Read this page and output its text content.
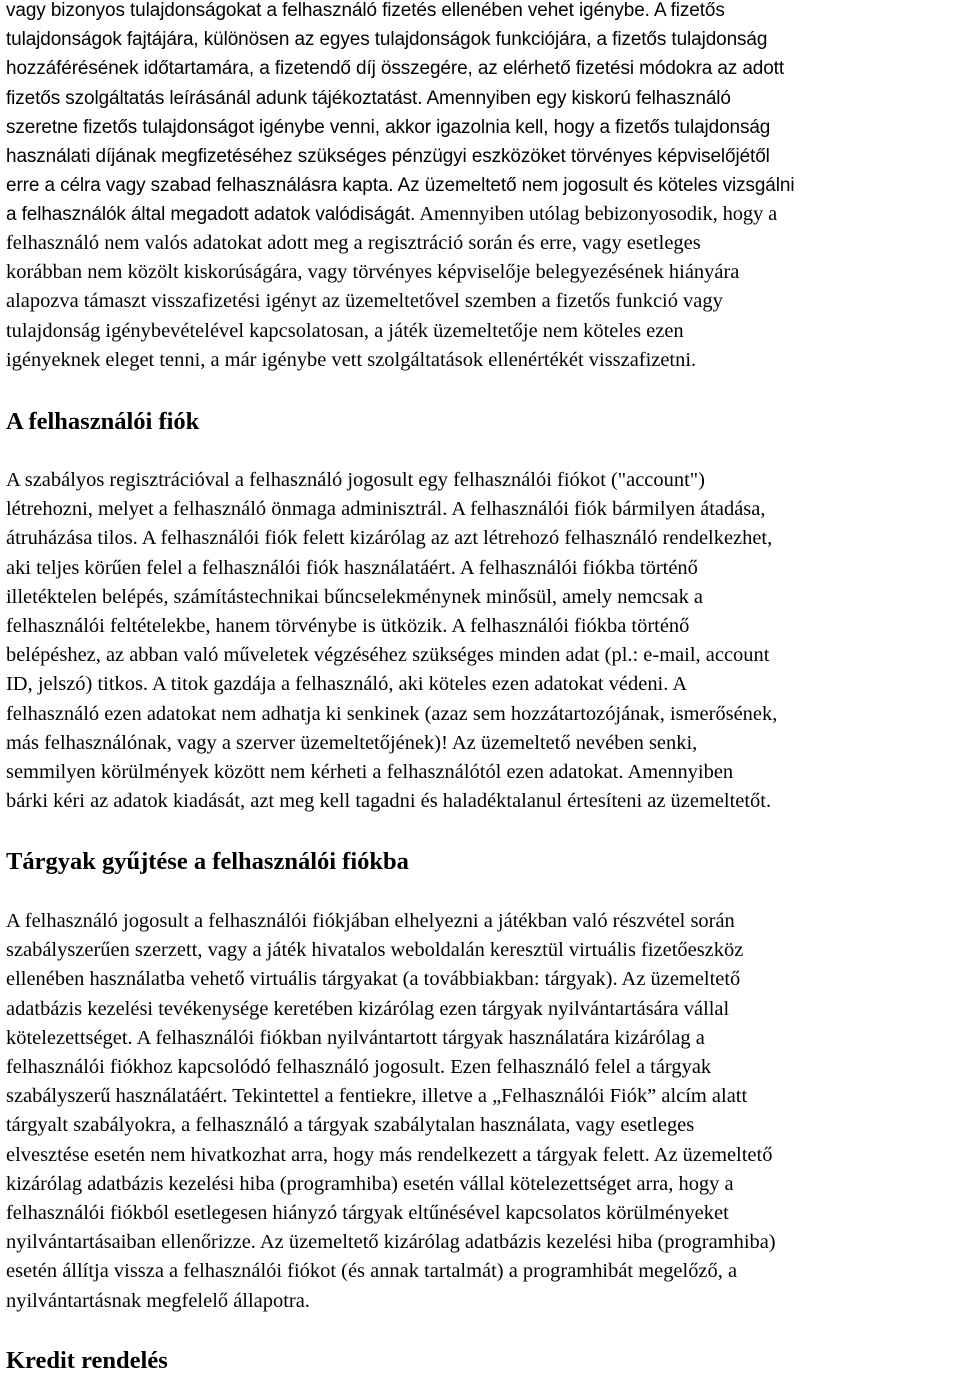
vagy bizonyos tulajdonságokat a felhasználó fizetés ellenében vehet igénybe. A fizetős
tulajdonságok fajtájára, különösen az egyes tulajdonságok funkciójára, a fizetős tulajdonság
hozzáférésének időtartamára, a fizetendő díj összegére, az elérhető fizetési módokra az adott
fizetős szolgáltatás leírásánál adunk tájékoztatást. Amennyiben egy kiskorú felhasználó
szeretne fizetős tulajdonságot igénybe venni, akkor igazolnia kell, hogy a fizetős tulajdonság
használati díjának megfizetéséhez szükséges pénzügyi eszközöket törvényes képviselőjétől
erre a célra vagy szabad felhasználásra kapta. Az üzemeltető nem jogosult és köteles vizsgálni
a felhasználók által megadott adatok valódiságát. Amennyiben utólag bebizonyosodik, hogy a
felhasználó nem valós adatokat adott meg a regisztráció során és erre, vagy esetleges
korábban nem közölt kiskorúságára, vagy törvényes képviselője belegyezésének hiányára
alapozva támaszt visszafizetési igényt az üzemeltetővel szemben a fizetős funkció vagy
tulajdonság igénybevételével kapcsolatosan, a játék üzemeltetője nem köteles ezen
igényeknek eleget tenni, a már igénybe vett szolgáltatások ellenértékét visszafizetni.
A felhasználói fiók
A szabályos regisztrációval a felhasználó jogosult egy felhasználói fiókot ("account")
létrehozni, melyet a felhasználó önmaga adminisztrál. A felhasználói fiók bármilyen átadása,
átruházása tilos. A felhasználói fiók felett kizárólag az azt létrehozó felhasználó rendelkezhet,
aki teljes körűen felel a felhasználói fiók használatáért. A felhasználói fiókba történő
illetéktelen belépés, számítástechnikai bűncselekménynek minősül, amely nemcsak a
felhasználói feltételekbe, hanem törvénybe is ütközik. A felhasználói fiókba történő
belépéshez, az abban való műveletek végzéséhez szükséges minden adat (pl.: e-mail, account
ID, jelszó) titkos. A titok gazdája a felhasználó, aki köteles ezen adatokat védeni. A
felhasználó ezen adatokat nem adhatja ki senkinek (azaz sem hozzátartozójának, ismerősének,
más felhasználónak, vagy a szerver üzemeltetőjének)! Az üzemeltető nevében senki,
semmilyen körülmények között nem kérheti a felhasználótól ezen adatokat. Amennyiben
bárki kéri az adatok kiadását, azt meg kell tagadni és haladéktalanul értesíteni az üzemeltetőt.
Tárgyak gyűjtése a felhasználói fiókba
A felhasználó jogosult a felhasználói fiókjában elhelyezni a játékban való részvétel során
szabályszerűen szerzett, vagy a játék hivatalos weboldalán keresztül virtuális fizetőeszköz
ellenében használatba vehető virtuális tárgyakat (a továbbiakban: tárgyak). Az üzemeltető
adatbázis kezelési tevékenysége keretében kizárólag ezen tárgyak nyilvántartására vállal
kötelezettséget. A felhasználói fiókban nyilvántartott tárgyak használatára kizárólag a
felhasználói fiókhoz kapcsolódó felhasználó jogosult. Ezen felhasználó felel a tárgyak
szabályszerű használatáért. Tekintettel a fentiekre, illetve a „Felhasználói Fiók” alcím alatt
tárgyalt szabályokra, a felhasználó a tárgyak szabálytalan használata, vagy esetleges
elvesztése esetén nem hivatkozhat arra, hogy más rendelkezett a tárgyak felett. Az üzemeltető
kizárólag adatbázis kezelési hiba (programhiba) esetén vállal kötelezettséget arra, hogy a
felhasználói fiókból esetlegesen hiányzó tárgyak eltűnésével kapcsolatos körülményeket
nyilvántartásaiban ellenőrizze. Az üzemeltető kizárólag adatbázis kezelési hiba (programhiba)
esetén állítja vissza a felhasználói fiókot (és annak tartalmát) a programhibát megelőző, a
nyilvántartásnak megfelelő állapotra.
Kredit rendelés
